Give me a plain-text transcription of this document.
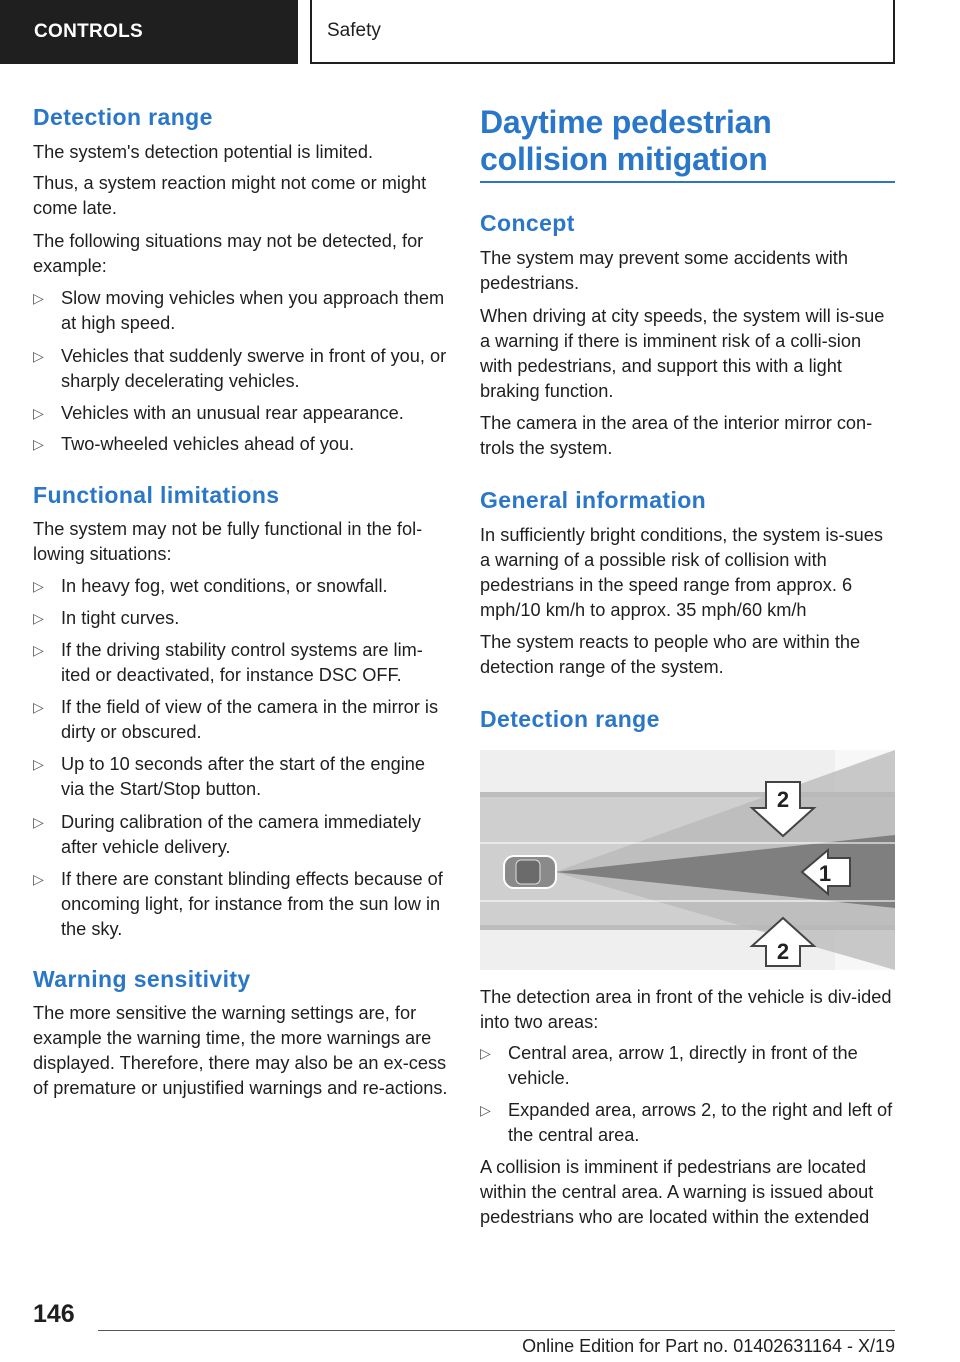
CONTROLS	Safety
Detection range
The system's detection potential is limited.
Thus, a system reaction might not come or might come late.
The following situations may not be detected, for example:
▷ Slow moving vehicles when you approach them at high speed.
▷ Vehicles that suddenly swerve in front of you, or sharply decelerating vehicles.
▷ Vehicles with an unusual rear appearance.
▷ Two-wheeled vehicles ahead of you.
Functional limitations
The system may not be fully functional in the fol‐lowing situations:
▷ In heavy fog, wet conditions, or snowfall.
▷ In tight curves.
▷ If the driving stability control systems are lim‐ited or deactivated, for instance DSC OFF.
▷ If the field of view of the camera in the mirror is dirty or obscured.
▷ Up to 10 seconds after the start of the engine via the Start/Stop button.
▷ During calibration of the camera immediately after vehicle delivery.
▷ If there are constant blinding effects because of oncoming light, for instance from the sun low in the sky.
Warning sensitivity
The more sensitive the warning settings are, for example the warning time, the more warnings are displayed. Therefore, there may also be an ex‐cess of premature or unjustified warnings and re‐actions.
Daytime pedestrian collision mitigation
Concept
The system may prevent some accidents with pedestrians.
When driving at city speeds, the system will is‐sue a warning if there is imminent risk of a colli‐sion with pedestrians, and support this with a light braking function.
The camera in the area of the interior mirror con‐trols the system.
General information
In sufficiently bright conditions, the system is‐sues a warning of a possible risk of collision with pedestrians in the speed range from approx. 6 mph/10 km/h to approx. 35 mph/60 km/h
The system reacts to people who are within the detection range of the system.
Detection range
2
1
2
The detection area in front of the vehicle is div‐ided into two areas:
▷ Central area, arrow 1, directly in front of the vehicle.
▷ Expanded area, arrows 2, to the right and left of the central area.
A collision is imminent if pedestrians are located within the central area. A warning is issued about pedestrians who are located within the extended
146
Online Edition for Part no. 01402631164 - X/19
